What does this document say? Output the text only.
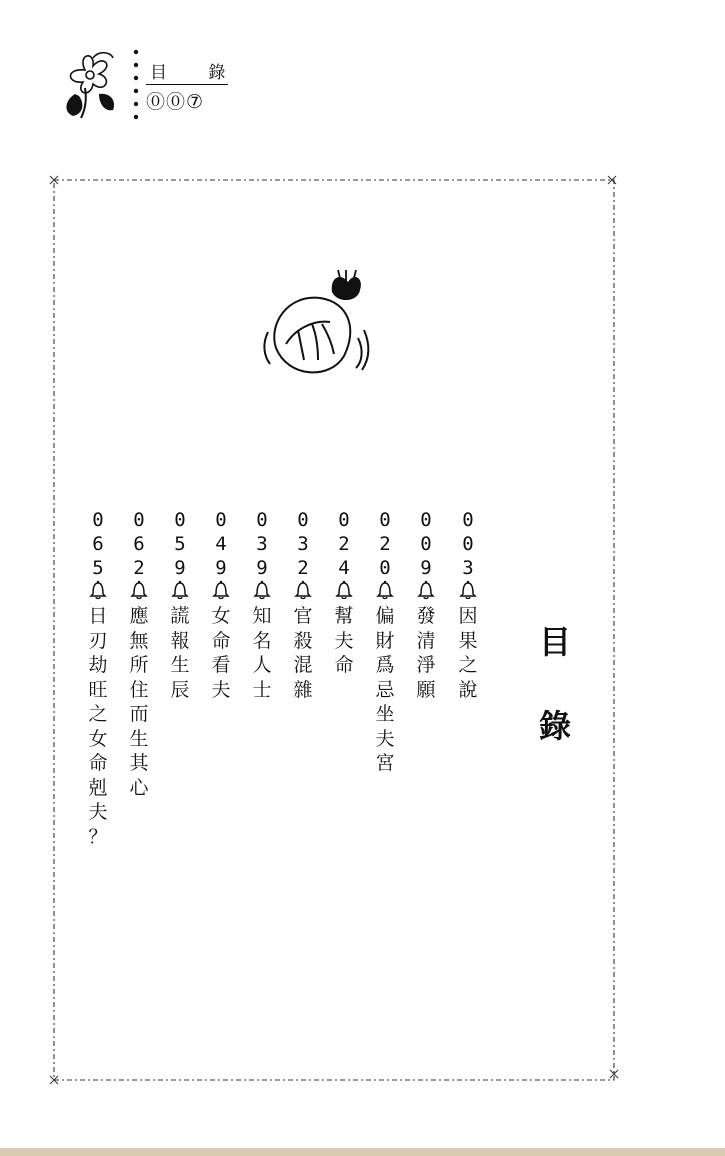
目 錄
⓪⓪⑦
目
錄
0
0
3
因
果
之
說
0
0
9
發
清
淨
願
0
2
0
偏
財
爲
忌
坐
夫
宮
0
2
4
幫
夫
命
0
3
2
官
殺
混
雜
0
3
9
知
名
人
士
0
4
9
女
命
看
夫
0
5
9
謊
報
生
辰
0
6
2
應
無
所
住
而
生
其
心
0
6
5
日
刃
劫
旺
之
女
命
剋
夫
？
